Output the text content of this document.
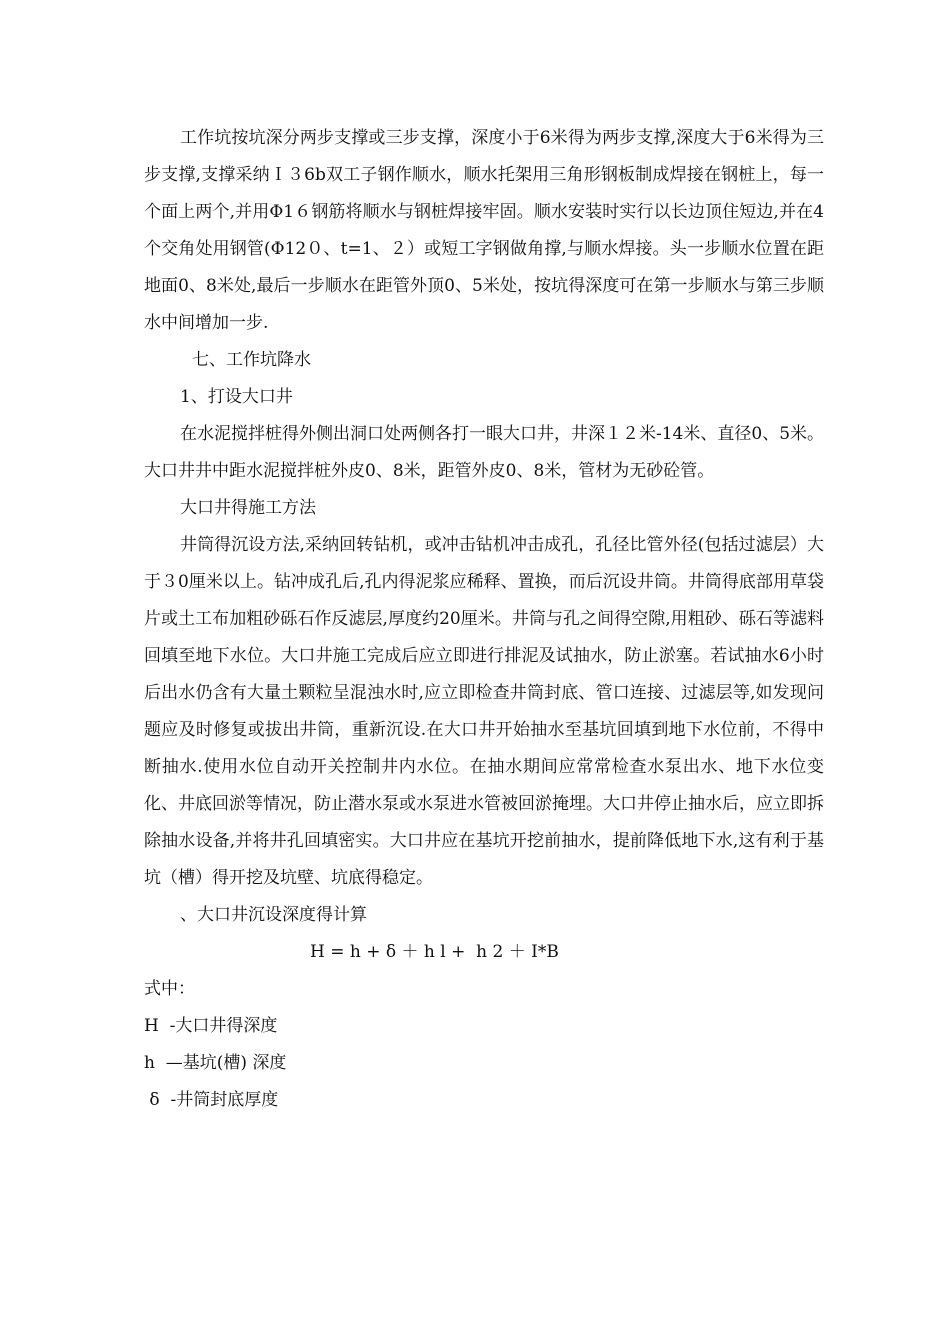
工作坑按坑深分两步支撑或三步支撑，深度小于6米得为两步支撑,深度大于6米得为三步支撑,支撑采纳Ｉ３6b双工子钢作顺水，顺水托架用三角形钢板制成焊接在钢桩上，每一个面上两个,并用Φ1６钢筋将顺水与钢桩焊接牢固。顺水安装时实行以长边顶住短边,并在4个交角处用钢管(Φ12０、t=1、２）或短工字钢做角撑,与顺水焊接。头一步顺水位置在距地面0、8米处,最后一步顺水在距管外顶0、5米处，按坑得深度可在第一步顺水与第三步顺水中间增加一步.

七、工作坑降水

1、打设大口井

在水泥搅拌桩得外侧出洞口处两侧各打一眼大口井，井深１２米-14米、直径0、5米。大口井井中距水泥搅拌桩外皮0、8米，距管外皮0、8米，管材为无砂砼管。

大口井得施工方法

井筒得沉设方法,采纳回转钻机，或冲击钻机冲击成孔，孔径比管外径(包括过滤层）大于３0厘米以上。钻冲成孔后,孔内得泥浆应稀释、置换，而后沉设井筒。井筒得底部用草袋片或土工布加粗砂砾石作反滤层,厚度约20厘米。井筒与孔之间得空隙,用粗砂、砾石等滤料回填至地下水位。大口井施工完成后应立即进行排泥及试抽水，防止淤塞。若试抽水6小时后出水仍含有大量土颗粒呈混浊水时,应立即检查井筒封底、管口连接、过滤层等,如发现问题应及时修复或拔出井筒，重新沉设.在大口井开始抽水至基坑回填到地下水位前，不得中断抽水.使用水位自动开关控制井内水位。在抽水期间应常常检查水泵出水、地下水位变化、井底回淤等情况，防止潜水泵或水泵进水管被回淤掩埋。大口井停止抽水后，应立即拆除抽水设备,并将井孔回填密实。大口井应在基坑开挖前抽水，提前降低地下水,这有利于基坑（槽）得开挖及坑壁、坑底得稳定。

、大口井沉设深度得计算

H = h + δ ＋ h l +  h 2 ＋ I*B

式中：

H  -大口井得深度

h  —基坑(槽) 深度

δ  -井筒封底厚度
